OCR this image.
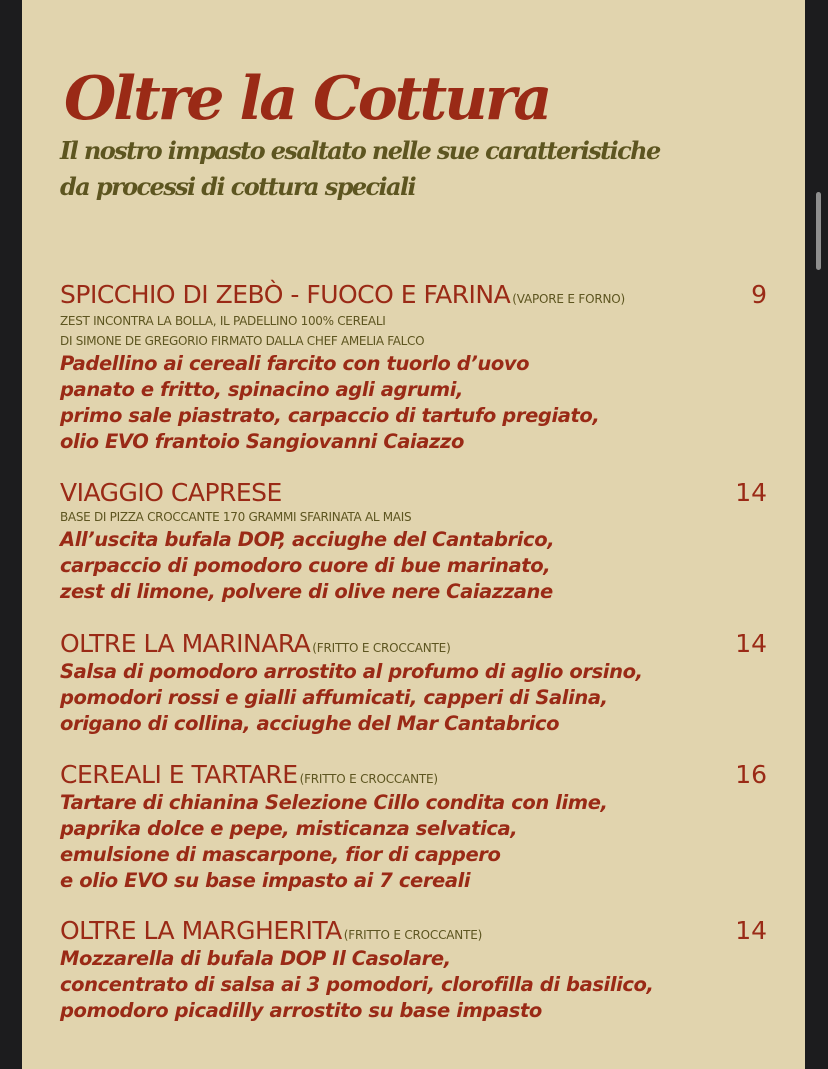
Oltre la Cottura
Il nostro impasto esaltato nelle sue caratteristiche
da processi di cottura speciali
SPICCHIO DI ZEBÒ - FUOCO E FARINA (VAPORE E FORNO)	9
ZEST INCONTRA LA BOLLA, IL PADELLINO 100% CEREALI
DI SIMONE DE GREGORIO FIRMATO DALLA CHEF AMELIA FALCO
Padellino ai cereali farcito con tuorlo d’uovo
panato e fritto, spinacino agli agrumi,
primo sale piastrato, carpaccio di tartufo pregiato,
olio EVO frantoio Sangiovanni Caiazzo
VIAGGIO CAPRESE	14
BASE DI PIZZA CROCCANTE 170 GRAMMI SFARINATA AL MAIS
All’uscita bufala DOP, acciughe del Cantabrico,
carpaccio di pomodoro cuore di bue marinato,
zest di limone, polvere di olive nere Caiazzane
OLTRE LA MARINARA (FRITTO E CROCCANTE)	14
Salsa di pomodoro arrostito al profumo di aglio orsino,
pomodori rossi e gialli affumicati, capperi di Salina,
origano di collina, acciughe del Mar Cantabrico
CEREALI E TARTARE (FRITTO E CROCCANTE)	16
Tartare di chianina Selezione Cillo condita con lime,
paprika dolce e pepe, misticanza selvatica,
emulsione di mascarpone, fior di cappero
e olio EVO su base impasto ai 7 cereali
OLTRE LA MARGHERITA (FRITTO E CROCCANTE)	14
Mozzarella di bufala DOP Il Casolare,
concentrato di salsa ai 3 pomodori, clorofilla di basilico,
pomodoro picadilly arrostito su base impasto
